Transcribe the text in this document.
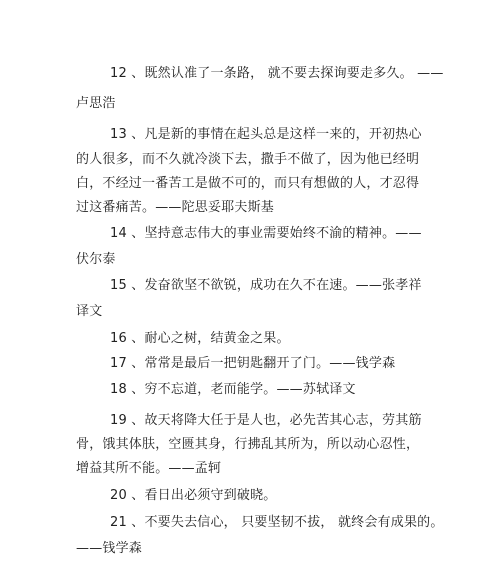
12 、既然认准了一条路， 就不要去探询要走多久。 ——
卢思浩
13 、凡是新的事情在起头总是这样一来的，开初热心
的人很多，而不久就冷淡下去，撒手不做了，因为他已经明
白，不经过一番苦工是做不可的，而只有想做的人，才忍得
过这番痛苦。——陀思妥耶夫斯基
14 、坚持意志伟大的事业需要始终不渝的精神。——
伏尔泰
15 、发奋欲坚不欲锐，成功在久不在速。——张孝祥
译文
16 、耐心之树，结黄金之果。
17 、常常是最后一把钥匙翻开了门。——钱学森
18 、穷不忘道，老而能学。——苏轼译文
19 、故天将降大任于是人也，必先苦其心志，劳其筋
骨，饿其体肤，空匮其身，行拂乱其所为，所以动心忍性，
增益其所不能。——孟轲
20 、看日出必须守到破晓。
21 、不要失去信心， 只要坚韧不拔， 就终会有成果的。
——钱学森
